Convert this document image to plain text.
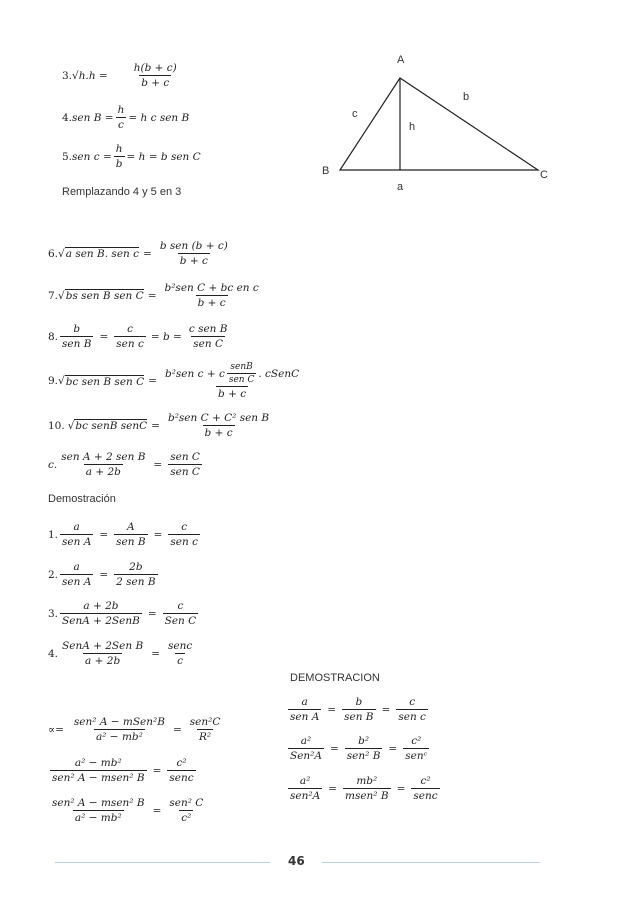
3. $√h.h = \frac{h(b + c)}{b + c}$
4. sen $B = \frac{h}{c} = h$ c sen B
5. sen $c = \frac{h}{b} = h = b$ sen C
Remplazando 4 y 5 en 3
A
B	C
a
b
c
h
6. √ a sen B. sen $c = \frac{\text{b sen (b + c)}}{b + c}$
7. √ bs sen B sen $C = \frac{\text{b²sen C + bc en c}}{b + c}$
8. $\frac{b}{\text{sen B}} = \frac{c}{\text{sen c}} = b = \frac{\text{c sen B}}{\text{sen C}}$
9. √ bc sen B sen C =
b²sen c + c $\frac{\text{senB}}{\text{sen C}}$ . cSenC
b + c
10. √ bc senB senC = $\frac{\text{b²sen C + C² sen B}}{b + c}$
c. $\frac{\text{sen A + 2 sen B}}{a + 2b} = \frac{\text{sen C}}{\text{sen C}}$
Demostración
1. $\frac{a}{\text{sen A}} = \frac{A}{\text{sen B}} = \frac{c}{\text{sen c}}$
2. $\frac{a}{\text{sen A}} = \frac{2b}{\text{2 sen B}}$
3. $\frac{a + 2b}{\text{SenA + 2SenB}} = \frac{c}{\text{Sen C}}$
4. $\frac{\text{SenA + 2Sen B}}{a + 2b} = \frac{\text{senc}}{c}$
DEMOSTRACION
$\frac{a}{\text{sen A}} = \frac{b}{\text{sen B}} = \frac{c}{\text{sen c}}$
$\frac{\text{a²}}{\text{Sen²A}} = \frac{\text{b²}}{\text{sen² B}} = \frac{\text{c²}}{\text{senᶜ}}$
$\frac{\text{a²}}{\text{sen²A}} = \frac{\text{mb²}}{\text{msen² B}} = \frac{\text{c²}}{\text{senc}}$
∝= $\frac{\text{sen² A − mSen²B}}{\text{a² − mb²}} = \frac{\text{sen²C}}{\text{R²}}$
$\frac{\text{a² − mb²}}{\text{sen² A − msen² B}} = \frac{\text{c²}}{\text{senc}}$
$\frac{\text{sen² A − msen² B}}{\text{a² − mb²}} = \frac{\text{sen² C}}{\text{c²}}$
46
